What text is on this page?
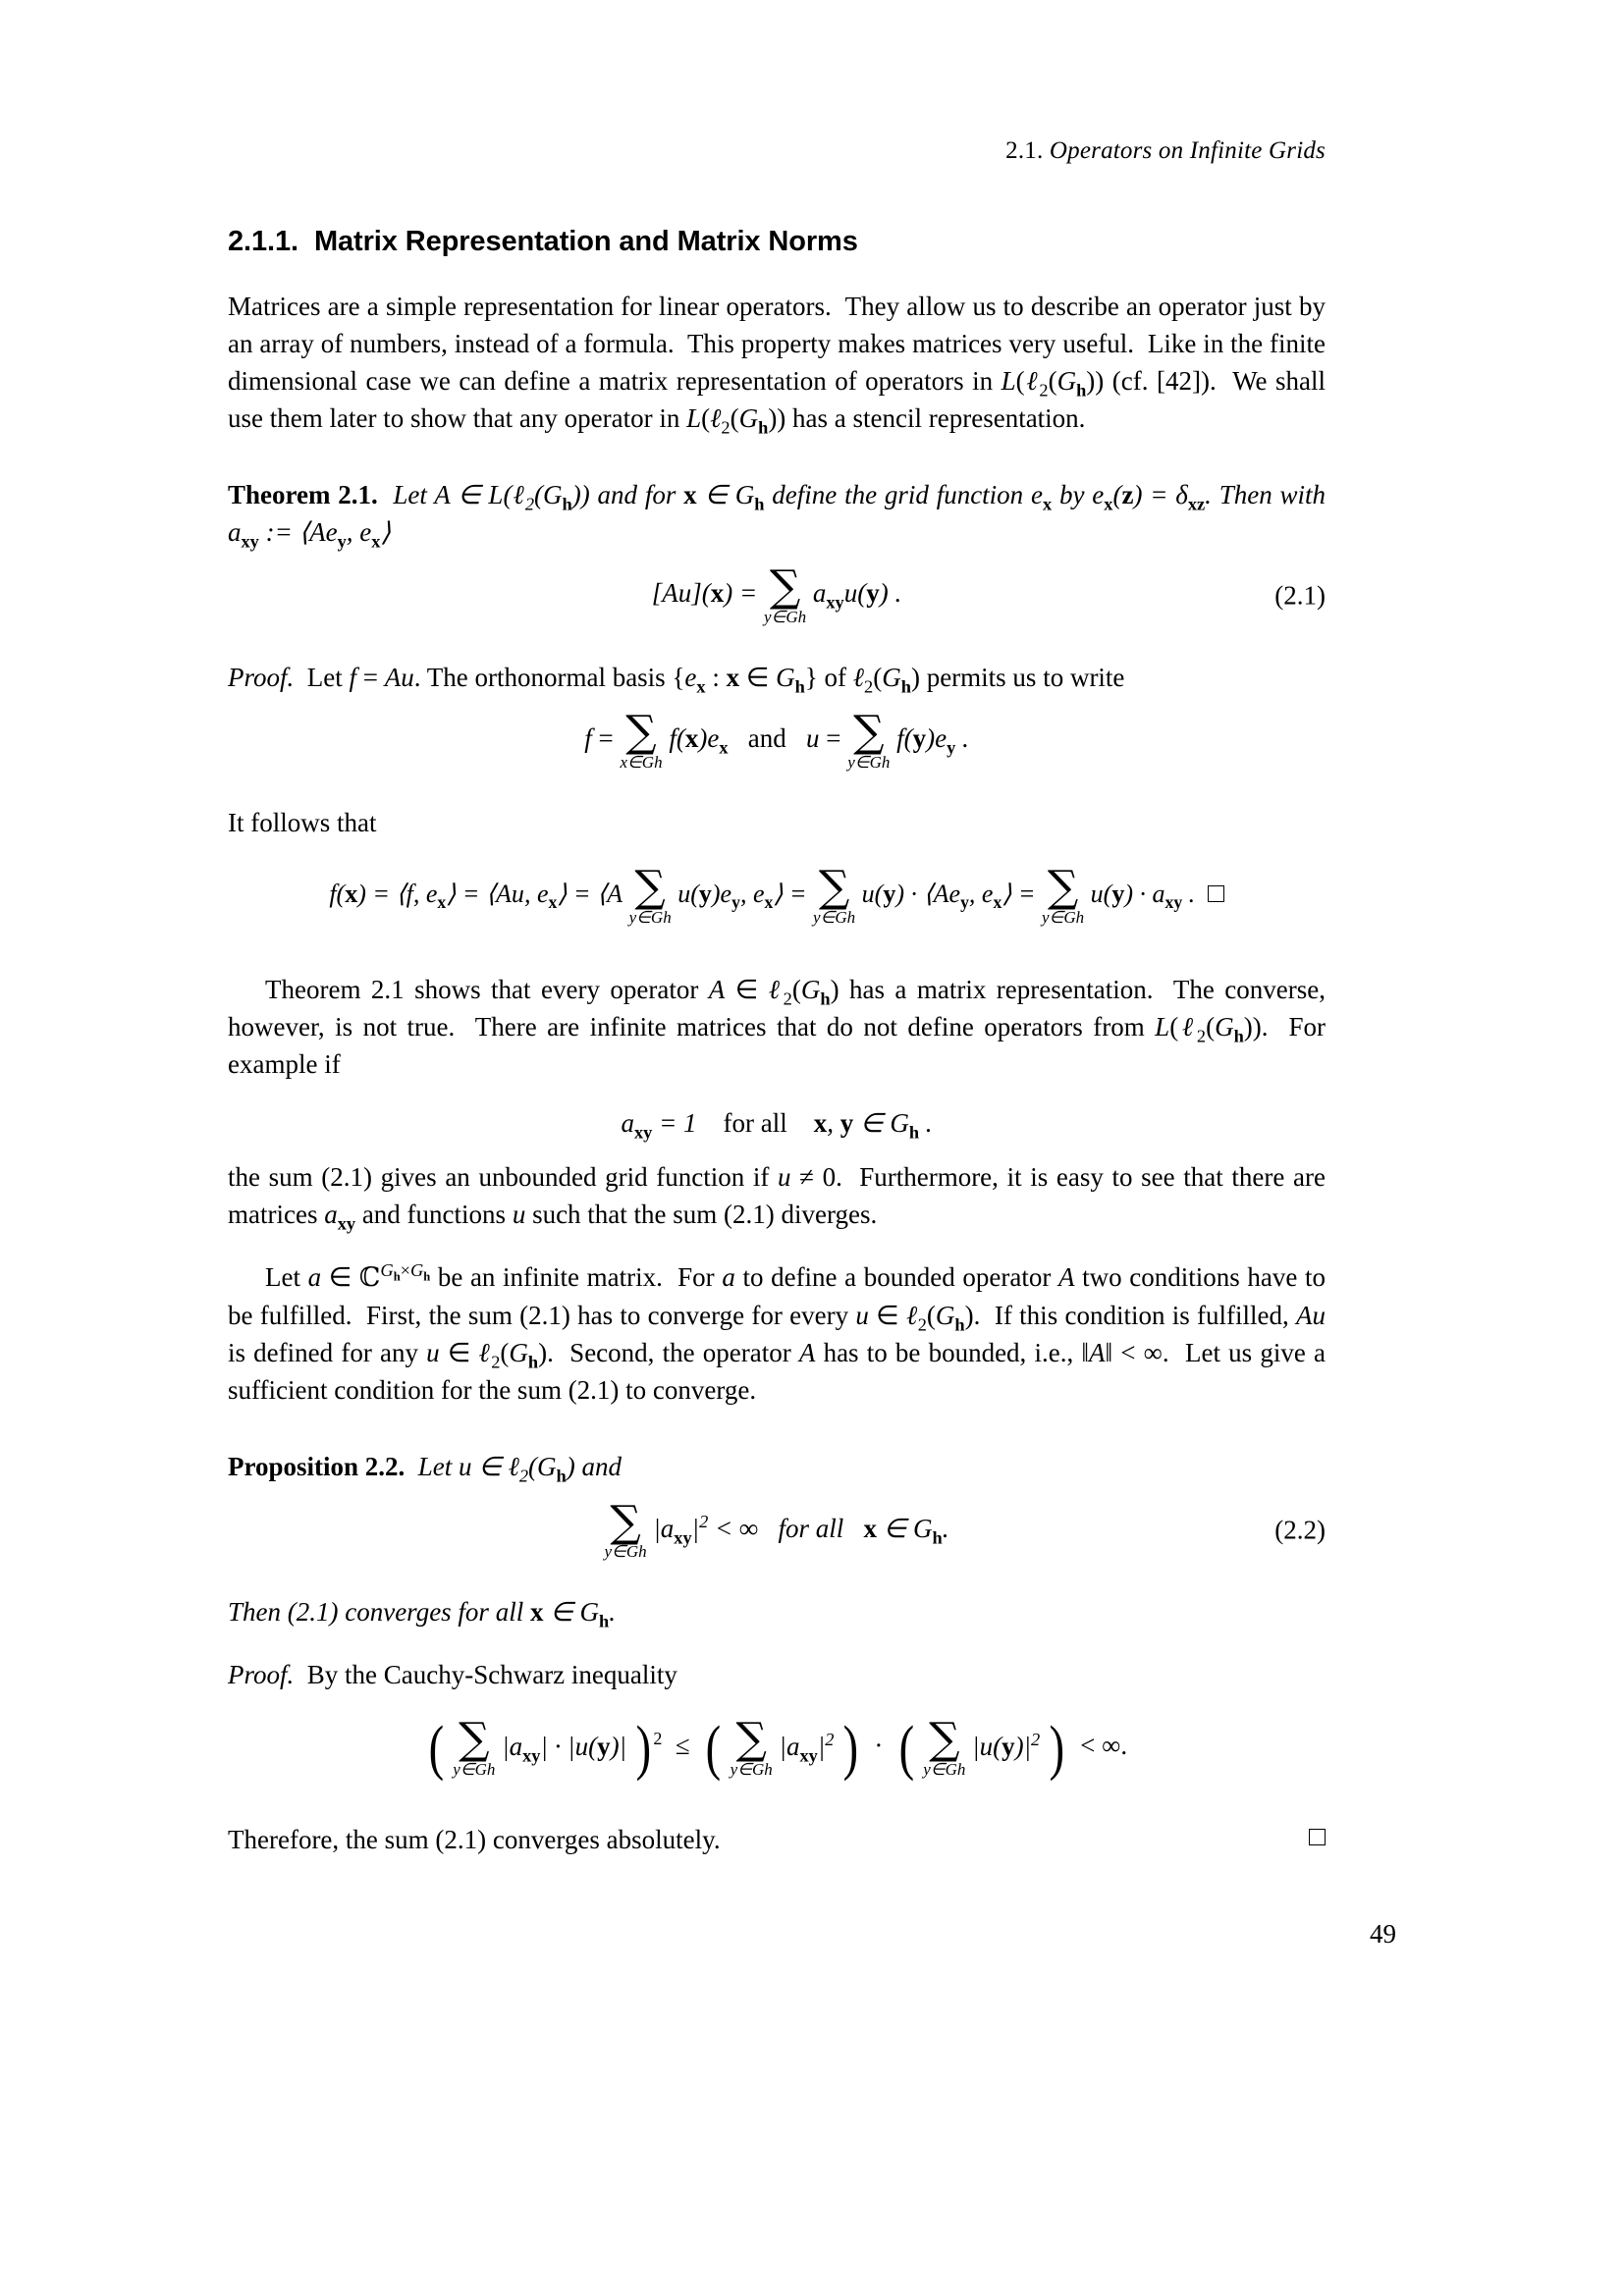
2.1. Operators on Infinite Grids
2.1.1. Matrix Representation and Matrix Norms

Matrices are a simple representation for linear operators.  They allow us to describe an operator just by an array of numbers, instead of a formula.  This property makes matrices very useful.  Like in the finite dimensional case we can define a matrix representation of operators in $L(\ell_2(G_h))$ (cf. [42]).  We shall use them later to show that any operator in $L(\ell_2(G_h))$ has a stencil representation.

Theorem 2.1.  Let A ∈ $L(\ell_2(G_h))$ and for x ∈ $G_h$ define the grid function $e_x$ by $e_x(z) = \delta_{xz}$. Then with $a_{xy}$ := $⟨Ae_y$, $e_x⟩$

[Au](x) = ∑
y∈Gh
$a_{xy}u(y)$ .	(2.1)

Proof.  Let f = Au. The orthonormal basis {$e_x$ : x ∈ $G_h$} of $\ell_2(G_h)$ permits us to write

f = ∑
x∈Gh
$f(x)e_x$ and u = ∑
y∈Gh
$f(y)e_y$ .

It follows that

f(x) = ⟨f, $e_x⟩$ = ⟨Au, $e_x⟩$ = ⟨A ∑
y∈Gh
$u(y)e_y$, $e_x⟩$ = ∑
y∈Gh
$u(y) \cdot ⟨Ae_y$, $e_x⟩$ = ∑
y∈Gh
$u(y) \cdot a_{xy}$ .

Theorem 2.1 shows that every operator A ∈ $\ell_2(G_h)$ has a matrix representation.  The converse, however, is not true.  There are infinite matrices that do not define operators from $L(\ell_2(G_h))$.  For example if

$a_{xy} = 1$ for all x, y ∈ $G_h$ .

the sum (2.1) gives an unbounded grid function if u ≠ 0.  Furthermore, it is easy to see that there are matrices $a_{xy}$ and functions u such that the sum (2.1) diverges.

Let a ∈ ℂ$^{G_h\times G_h}$ be an infinite matrix.  For a to define a bounded operator A two conditions have to be fulfilled.  First, the sum (2.1) has to converge for every u ∈ $\ell_2(G_h)$.  If this condition is fulfilled, Au is defined for any u ∈ $\ell_2(G_h)$.  Second, the operator A has to be bounded, i.e., ‖A‖ < ∞.  Let us give a sufficient condition for the sum (2.1) to converge.

Proposition 2.2.  Let u ∈ $\ell_2(G_h)$ and

∑
y∈Gh
$|a_{xy}|^2$ < ∞ for all x ∈ $G_h$.	(2.2)

Then (2.1) converges for all x ∈ $G_h$.

Proof.  By the Cauchy-Schwarz inequality

( ∑
y∈Gh
$|a_{xy}| \cdot |u(y)|$ ) $^2$ ≤ ( ∑
y∈Gh
$|a_{xy}|^2$ ) · ( ∑
y∈Gh
$|u(y)|^2$ ) < ∞.

Therefore, the sum (2.1) converges absolutely.

49
